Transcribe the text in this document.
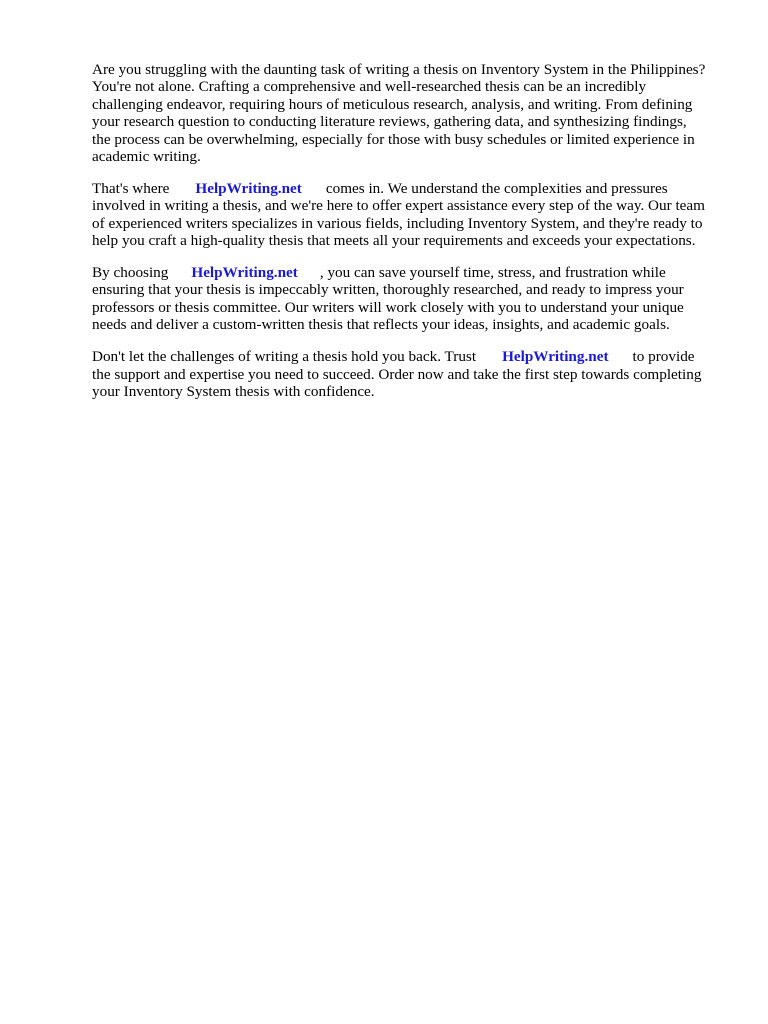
Are you struggling with the daunting task of writing a thesis on Inventory System in the Philippines?
You're not alone. Crafting a comprehensive and well-researched thesis can be an incredibly
challenging endeavor, requiring hours of meticulous research, analysis, and writing. From defining
your research question to conducting literature reviews, gathering data, and synthesizing findings,
the process can be overwhelming, especially for those with busy schedules or limited experience in
academic writing.

That's where HelpWriting.net comes in. We understand the complexities and pressures
involved in writing a thesis, and we're here to offer expert assistance every step of the way. Our team
of experienced writers specializes in various fields, including Inventory System, and they're ready to
help you craft a high-quality thesis that meets all your requirements and exceeds your expectations.

By choosing HelpWriting.net , you can save yourself time, stress, and frustration while
ensuring that your thesis is impeccably written, thoroughly researched, and ready to impress your
professors or thesis committee. Our writers will work closely with you to understand your unique
needs and deliver a custom-written thesis that reflects your ideas, insights, and academic goals.

Don't let the challenges of writing a thesis hold you back. Trust HelpWriting.net to provide
the support and expertise you need to succeed. Order now and take the first step towards completing
your Inventory System thesis with confidence.
